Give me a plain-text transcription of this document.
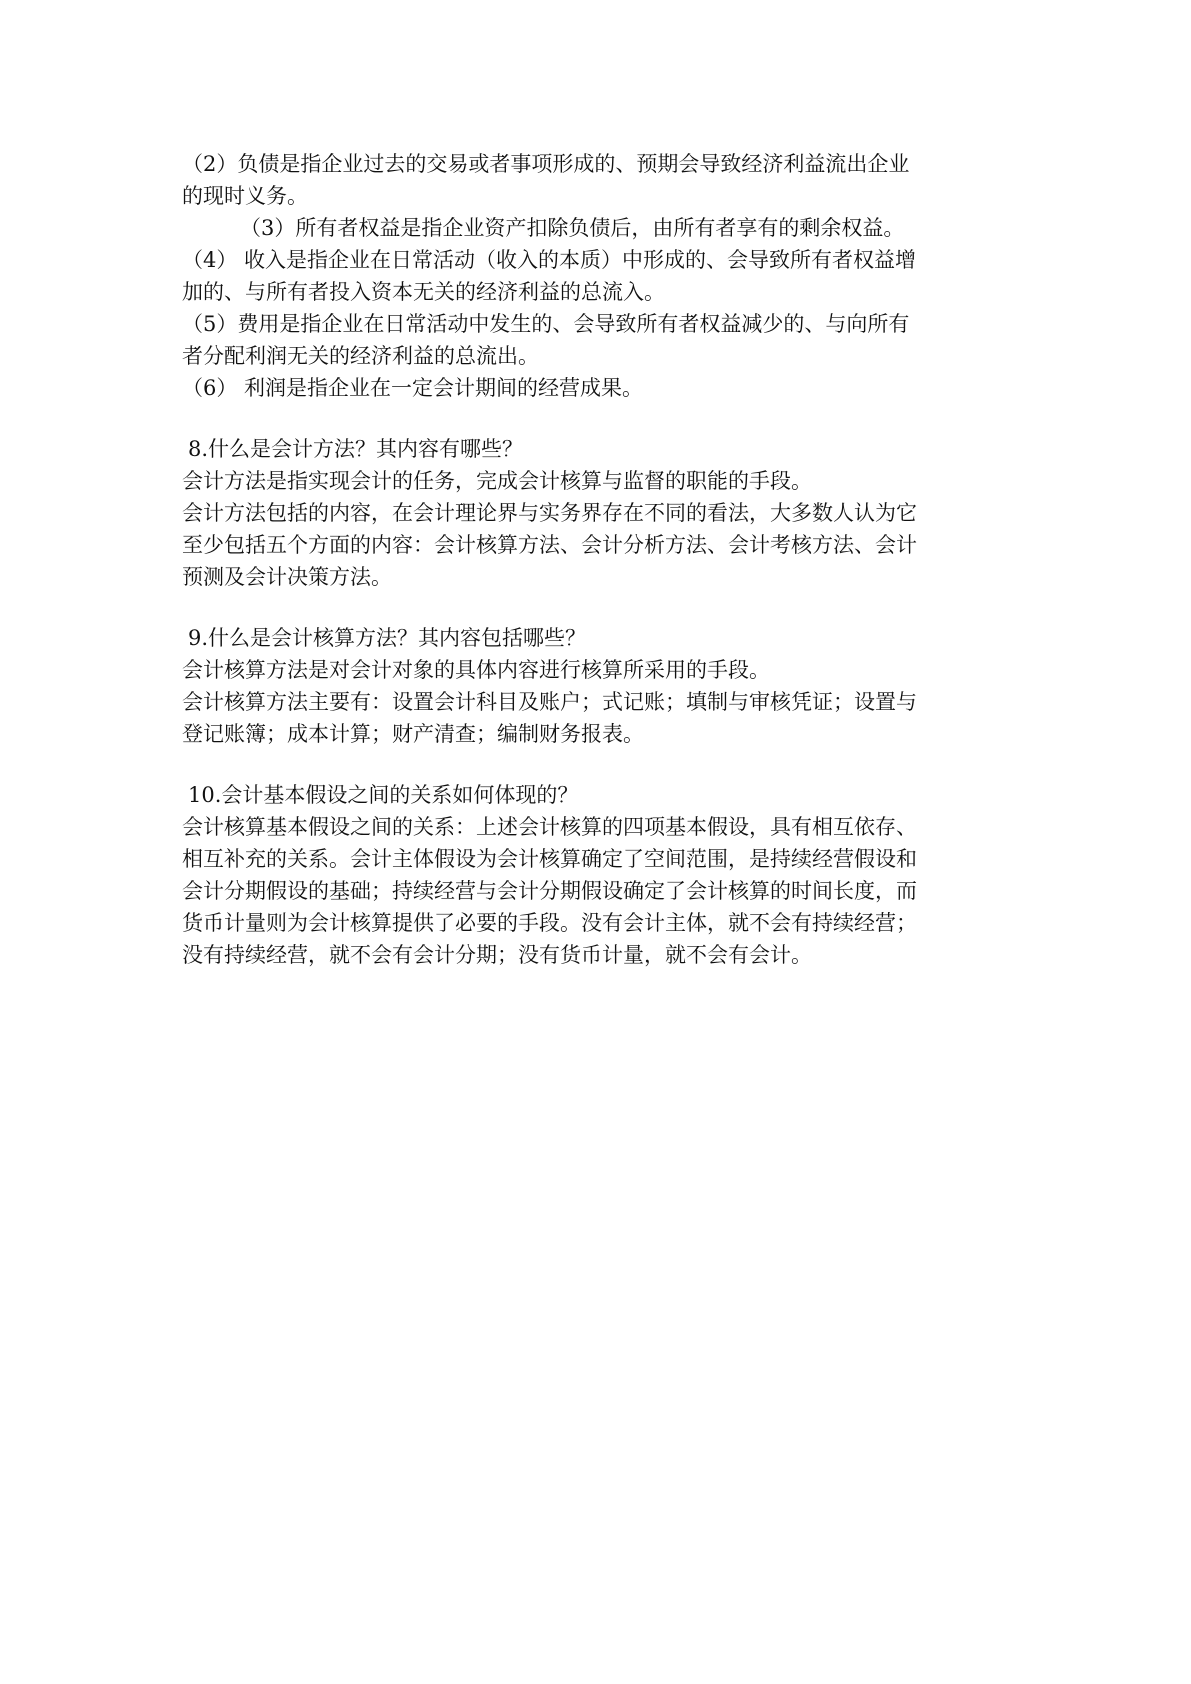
（2）负债是指企业过去的交易或者事项形成的、预期会导致经济利益流出企业
的现时义务。
（3）所有者权益是指企业资产扣除负债后，由所有者享有的剩余权益。
（4） 收入是指企业在日常活动（收入的本质）中形成的、会导致所有者权益增
加的、与所有者投入资本无关的经济利益的总流入。
（5）费用是指企业在日常活动中发生的、会导致所有者权益减少的、与向所有
者分配利润无关的经济利益的总流出。
（6） 利润是指企业在一定会计期间的经营成果。
8.什么是会计方法？其内容有哪些？
会计方法是指实现会计的任务，完成会计核算与监督的职能的手段。
会计方法包括的内容，在会计理论界与实务界存在不同的看法，大多数人认为它
至少包括五个方面的内容：会计核算方法、会计分析方法、会计考核方法、会计
预测及会计决策方法。
9.什么是会计核算方法？其内容包括哪些？
会计核算方法是对会计对象的具体内容进行核算所采用的手段。
会计核算方法主要有：设置会计科目及账户；式记账；填制与审核凭证；设置与
登记账簿；成本计算；财产清查；编制财务报表。
10.会计基本假设之间的关系如何体现的？
会计核算基本假设之间的关系：上述会计核算的四项基本假设，具有相互依存、
相互补充的关系。会计主体假设为会计核算确定了空间范围，是持续经营假设和
会计分期假设的基础；持续经营与会计分期假设确定了会计核算的时间长度，而
货币计量则为会计核算提供了必要的手段。没有会计主体，就不会有持续经营；
没有持续经营，就不会有会计分期；没有货币计量，就不会有会计。
